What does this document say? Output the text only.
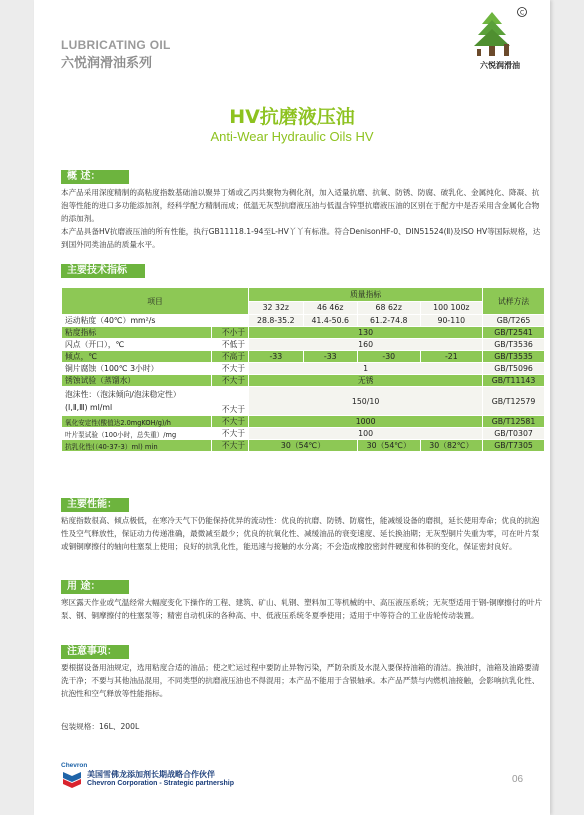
LUBRICATING OIL
六悦润滑油系列
C
六悦润滑油
HV抗磨液压油
Anti-Wear Hydraulic Oils HV
概 述：

本产品采用深度精制的高粘度指数基础油以聚异丁烯或乙丙共聚物为稠化剂，加入适量抗磨、抗氧、防锈、防腐、破乳化、金属纯化、降凝、抗泡等性能的进口多功能添加剂，经科学配方精制而成；低温无灰型抗磨液压油与低温含锌型抗磨液压油的区别在于配方中是否采用含金属化合物的添加剂。

本产品具备HV抗磨液压油的所有性能，执行GB11118.1-94至L-HV丫丫有标准。符合DenisonHF-0、DIN51524(Ⅱ)及ISO HV等国际规格，达到国外同类油品的质量水平。

主要技术指标
项目		质量指标				试样方法
		32 32z	46 46z	68 62z	100 100z	
运动粘度（40℃）mm²/s		28.8-35.2	41.4-50.6	61.2-74.8	90-110	GB/T265
粘度指标	不小于	130				GB/T2541
闪点（开口），℃	不低于	160				GB/T3536
倾点，℃	不高于	-33	-33	-30	-21	GB/T3535
铜片腐蚀（100℃ 3小时）	不大于	1				GB/T5096
锈蚀试验（蒸馏水）	不大于	无锈				GB/T11143
泡沫性：（泡沫倾向/泡沫稳定性）
(Ⅰ,Ⅱ,Ⅲ) ml/ml	不大于	150/10				GB/T12579
氧化安定性(酸值达2.0mgKOH/g)/h	不大于	1000				GB/T12581
叶片泵试验（100小时，总失重）/mg	不大于	100				GB/T0307
抗乳化性(（40-37-3）ml) min	不大于	30（54℃）		30（54℃）	30（82℃）	GB/T7305
主要性能：
粘度指数很高、倾点极低，在寒冷天气下仍能保持优异的流动性：优良的抗磨、防锈、防腐性，能减缓设备的磨损，延长使用寿命；优良的抗泡性及空气释放性，保证动力传递准确，最微减至最少；优良的抗氧化性、减缓油品的衰变速度、延长换油期；无灰型铜片失重为零，可在叶片泵或铜铜摩擦付的轴向柱塞泵上使用；良好的抗乳化性，能迅速与接触的水分离；不会造成橡胶密封件硬度和体积的变化，保证密封良好。
用 途：
寒区露天作业或气温经常大幅度变化下操作的工程、建筑、矿山、轧钢、塑料加工等机械的中、高压液压系统；无灰型适用于钢-铜摩擦付的叶片泵、钢、铜摩擦付的柱塞泵等；精密自动机床的各种高、中、低液压系统冬夏季使用；适用于中等符合的工业齿轮传动装置。
注意事项：
要根据设备用油规定，选用粘度合适的油品；使之贮运过程中要防止异物污染，严防杂质及水混入要保持油箱的清洁。换油时，油箱及油路要清洗干净；不要与其他油品混用，不同类型的抗磨液压油也不得混用；本产品不能用于含银轴承。本产品严禁与内燃机油接触，会影响抗乳化性、抗泡性和空气释放等性能指标。
包装规格：16L、200L
Chevron
美国雪佛龙添加剂长期战略合作伙伴
Chevron Corporation - Strategic partnership	06
